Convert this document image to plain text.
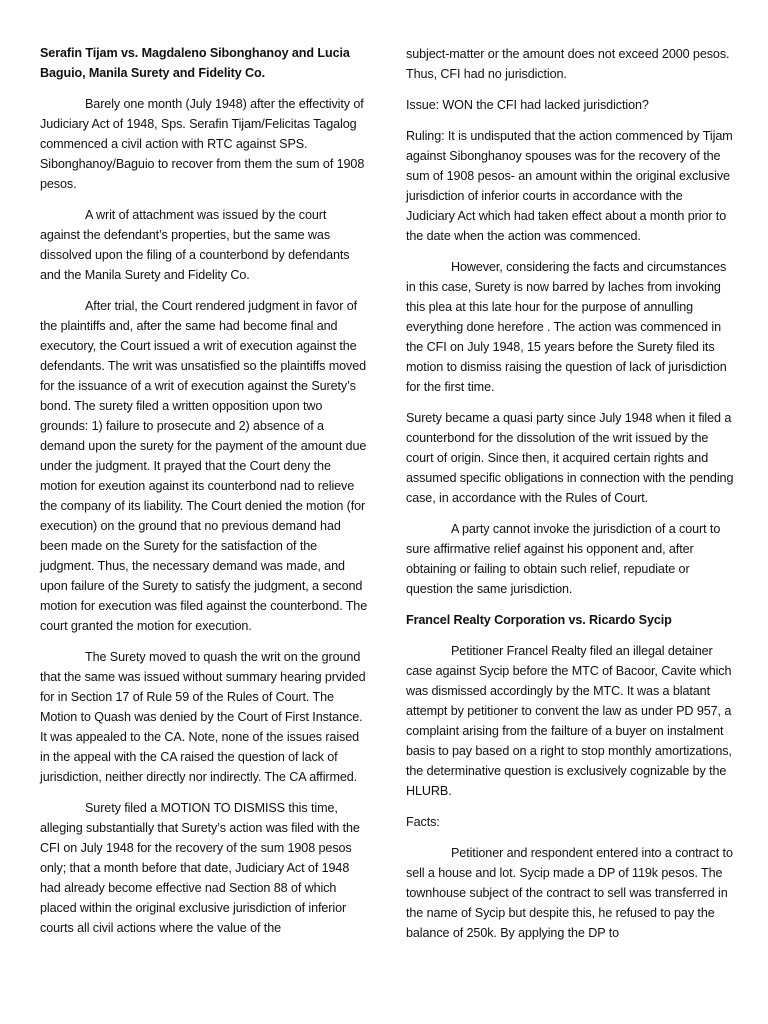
Serafin Tijam vs. Magdaleno Sibonghanoy and Lucia Baguio, Manila Surety and Fidelity Co.

Barely one month (July 1948) after the effectivity of Judiciary Act of 1948, Sps. Serafin Tijam/Felicitas Tagalog commenced a civil action with RTC against SPS. Sibonghanoy/Baguio to recover from them the sum of 1908 pesos.

A writ of attachment was issued by the court against the defendant’s properties, but the same was dissolved upon the filing of a counterbond by defendants and the Manila Surety and Fidelity Co.

After trial, the Court rendered judgment in favor of the plaintiffs and, after the same had become final and executory, the Court issued a writ of execution against the defendants. The writ was unsatisfied so the plaintiffs moved for the issuance of a writ of execution against the Surety’s bond. The surety filed a written opposition upon two grounds: 1) failure to prosecute and 2) absence of a demand upon the surety for the payment of the amount due under the judgment. It prayed that the Court deny the motion for exeution against its counterbond nad to relieve the company of its liability. The Court denied the motion (for execution) on the ground that no previous demand had been made on the Surety for the satisfaction of the judgment. Thus, the necessary demand was made, and upon failure of the Surety to satisfy the judgment, a second motion for execution was filed against the counterbond. The court granted the motion for execution.

The Surety moved to quash the writ on the ground that the same was issued without summary hearing prvided for in Section 17 of Rule 59 of the Rules of Court. The Motion to Quash was denied by the Court of First Instance. It was appealed to the CA. Note, none of the issues raised in the appeal with the CA raised the question of lack of jurisdiction, neither directly nor indirectly. The CA affirmed.

Surety filed a MOTION TO DISMISS this time, alleging substantially that Surety’s action was filed with the CFI on July 1948 for the recovery of the sum 1908 pesos only; that a month before that date, Judiciary Act of 1948 had already become effective nad Section 88 of which placed within the original exclusive jurisdiction of inferior courts all civil actions where the value of the

subject-matter or the amount does not exceed 2000 pesos. Thus, CFI had no jurisdiction.

Issue: WON the CFI had lacked jurisdiction?

Ruling: It is undisputed that the action commenced by Tijam against Sibonghanoy spouses was for the recovery of the sum of 1908 pesos- an amount within the original exclusive jurisdiction of inferior courts in accordance with the Judiciary Act which had taken effect about a month prior to the date when the action was commenced.

However, considering the facts and circumstances in this case, Surety is now barred by laches from invoking this plea at this late hour for the purpose of annulling everything done herefore . The action was commenced in the CFI on July 1948, 15 years before the Surety filed its motion to dismiss raising the question of lack of jurisdiction for the first time.

Surety became a quasi party since July 1948 when it filed a counterbond for the dissolution of the writ issued by the court of origin. Since then, it acquired certain rights and assumed specific obligations in connection with the pending case, in accordance with the Rules of Court.

A party cannot invoke the jurisdiction of a court to sure affirmative relief against his opponent and, after obtaining or failing to obtain such relief, repudiate or question the same jurisdiction.

Francel Realty Corporation vs. Ricardo Sycip

Petitioner Francel Realty filed an illegal detainer case against Sycip before the MTC of Bacoor, Cavite which was dismissed accordingly by the MTC. It was a blatant attempt by petitioner to convent the law as under PD 957, a complaint arising from the failture of a buyer on instalment basis to pay based on a right to stop monthly amortizations, the determinative question is exclusively cognizable by the HLURB.

Facts:

Petitioner and respondent entered into a contract to sell a house and lot. Sycip made a DP of 119k pesos. The townhouse subject of the contract to sell was transferred in the name of Sycip but despite this, he refused to pay the balance of 250k. By applying the DP to
